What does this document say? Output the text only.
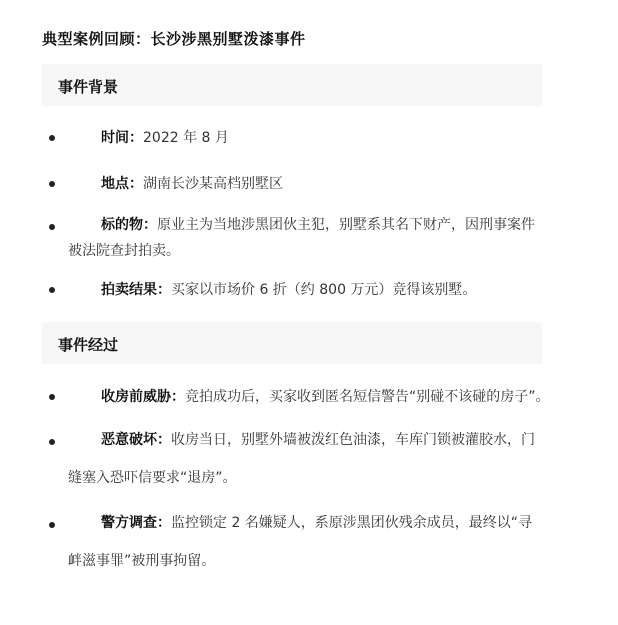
典型案例回顾：长沙涉黑别墅泼漆事件
事件背景
时间：2022 年 8 月
地点：湖南长沙某高档别墅区
标的物：原业主为当地涉黑团伙主犯，别墅系其名下财产，因刑事案件
被法院查封拍卖。
拍卖结果：买家以市场价 6 折（约 800 万元）竞得该别墅。
事件经过
收房前威胁：竞拍成功后，买家收到匿名短信警告“别碰不该碰的房子”。
恶意破坏：收房当日，别墅外墙被泼红色油漆，车库门锁被灌胶水，门
缝塞入恐吓信要求“退房”。
警方调查：监控锁定 2 名嫌疑人，系原涉黑团伙残余成员，最终以“寻
衅滋事罪”被刑事拘留。
